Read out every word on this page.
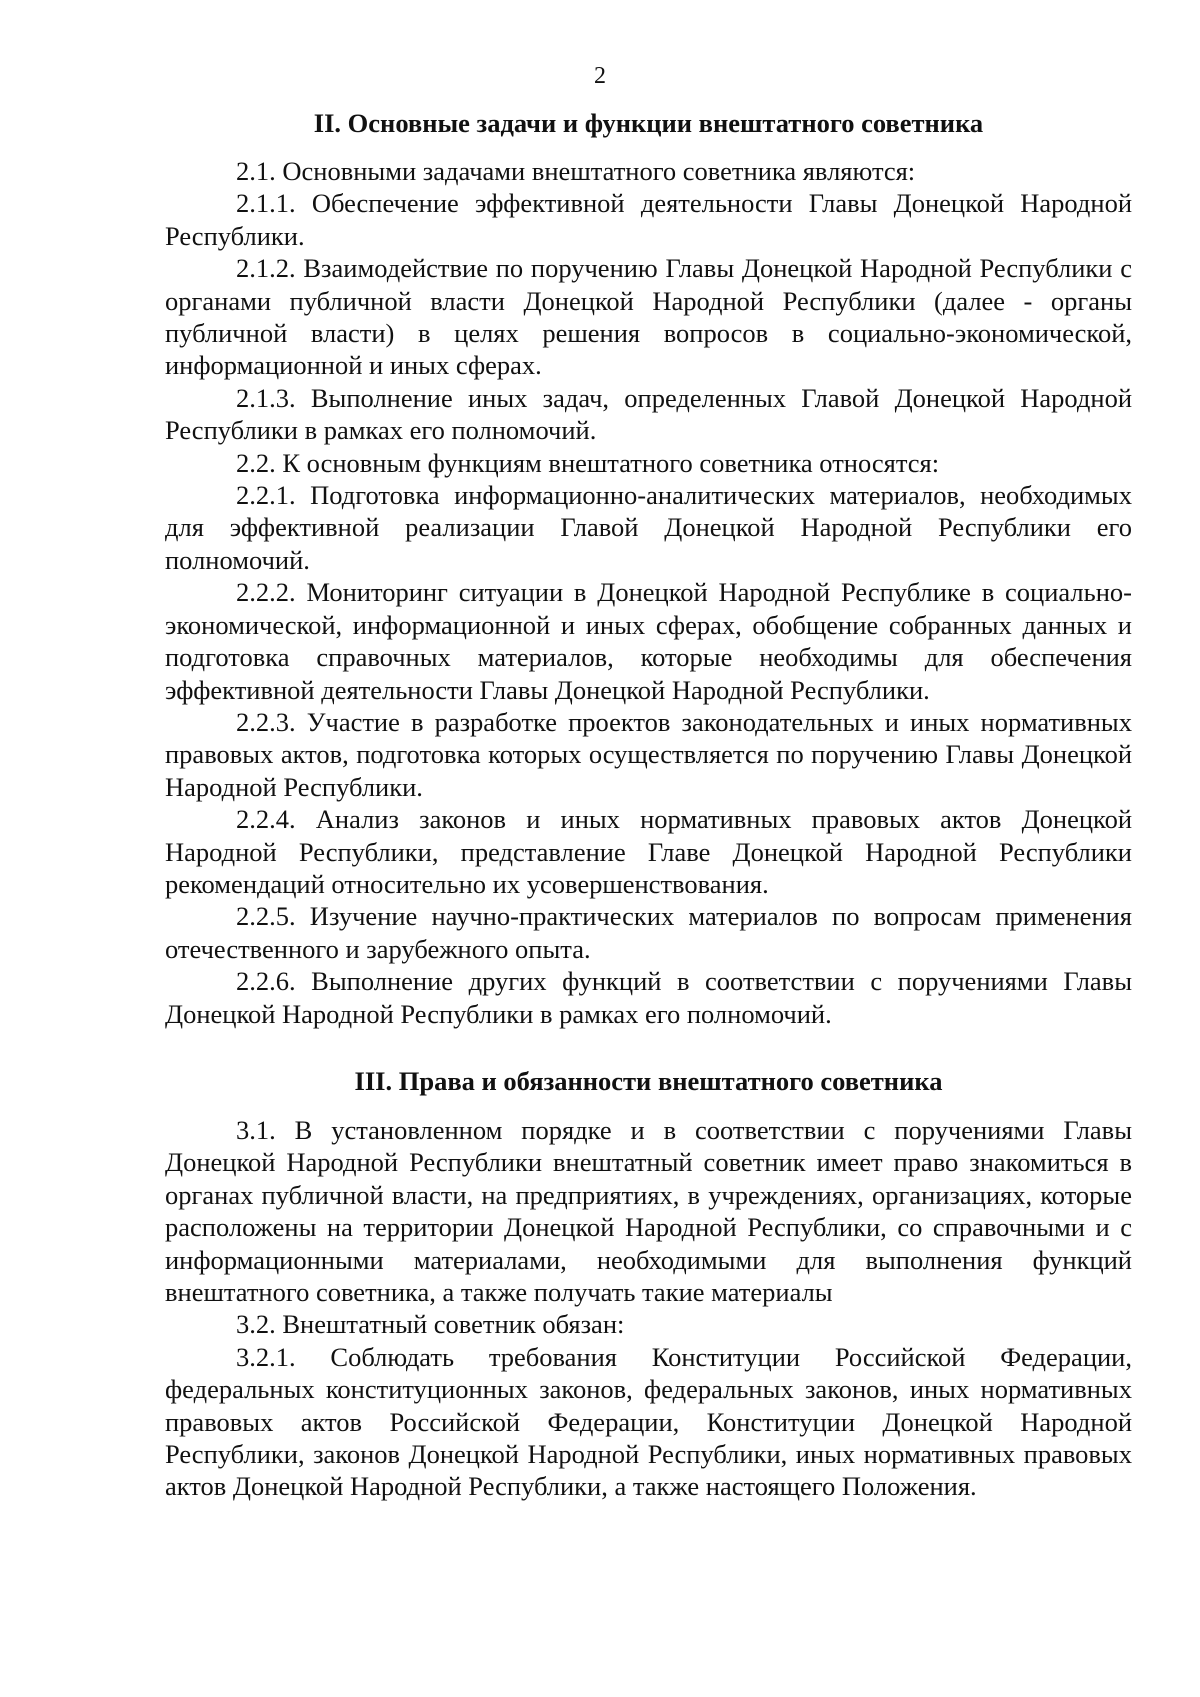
2
II. Основные задачи и функции внештатного советника

2.1. Основными задачами внештатного советника являются:

2.1.1. Обеспечение эффективной деятельности Главы Донецкой Народной Республики.

2.1.2. Взаимодействие по поручению Главы Донецкой Народной Республики с органами публичной власти Донецкой Народной Республики (далее - органы публичной власти) в целях решения вопросов в социально-экономической, информационной и иных сферах.

2.1.3. Выполнение иных задач, определенных Главой Донецкой Народной Республики в рамках его полномочий.

2.2. К основным функциям внештатного советника относятся:

2.2.1. Подготовка информационно-аналитических материалов, необходимых для эффективной реализации Главой Донецкой Народной Республики его полномочий.

2.2.2. Мониторинг ситуации в Донецкой Народной Республике в социально-экономической, информационной и иных сферах, обобщение собранных данных и подготовка справочных материалов, которые необходимы для обеспечения эффективной деятельности Главы Донецкой Народной Республики.

2.2.3. Участие в разработке проектов законодательных и иных нормативных правовых актов, подготовка которых осуществляется по поручению Главы Донецкой Народной Республики.

2.2.4. Анализ законов и иных нормативных правовых актов Донецкой Народной Республики, представление Главе Донецкой Народной Республики рекомендаций относительно их усовершенствования.

2.2.5. Изучение научно-практических материалов по вопросам применения отечественного и зарубежного опыта.

2.2.6. Выполнение других функций в соответствии с поручениями Главы Донецкой Народной Республики в рамках его полномочий.

III. Права и обязанности внештатного советника

3.1. В установленном порядке и в соответствии с поручениями Главы Донецкой Народной Республики внештатный советник имеет право знакомиться в органах публичной власти, на предприятиях, в учреждениях, организациях, которые расположены на территории Донецкой Народной Республики, со справочными и с информационными материалами, необходимыми для выполнения функций внештатного советника, а также получать такие материалы

3.2. Внештатный советник обязан:

3.2.1. Соблюдать требования Конституции Российской Федерации, федеральных конституционных законов, федеральных законов, иных нормативных правовых актов Российской Федерации, Конституции Донецкой Народной Республики, законов Донецкой Народной Республики, иных нормативных правовых актов Донецкой Народной Республики, а также настоящего Положения.
